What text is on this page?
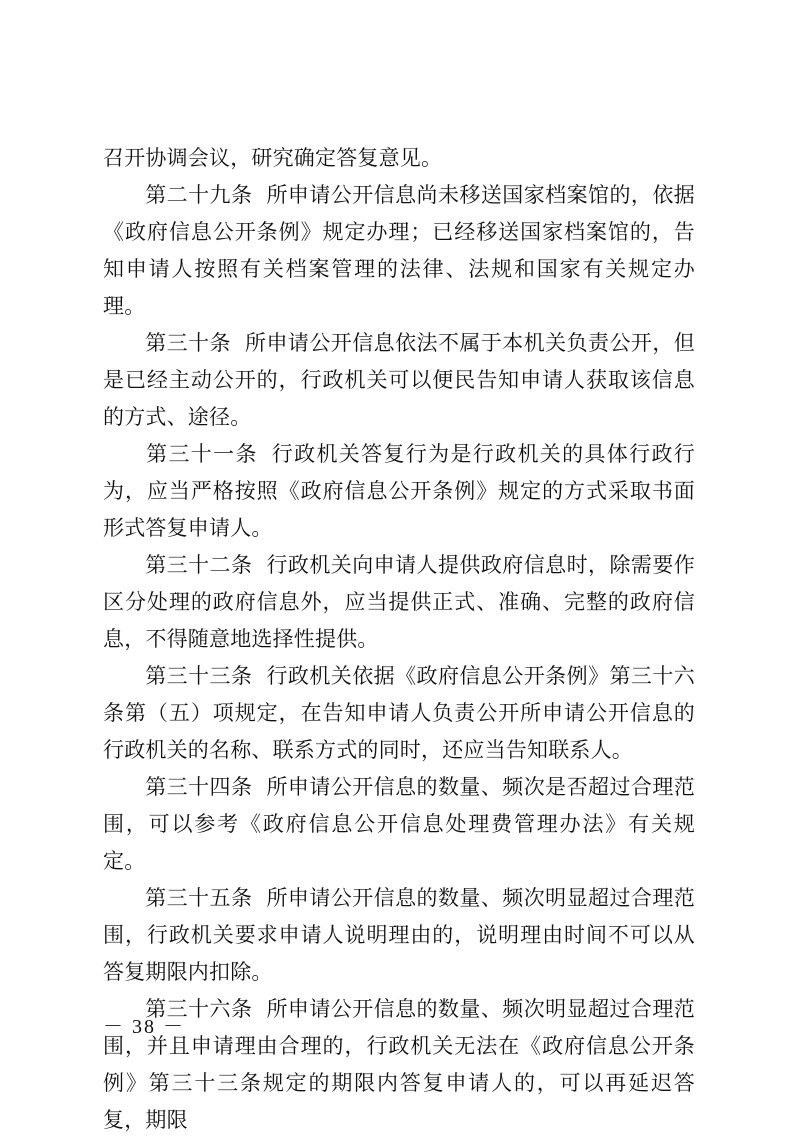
召开协调会议，研究确定答复意见。

第二十九条 所申请公开信息尚未移送国家档案馆的，依据《政府信息公开条例》规定办理；已经移送国家档案馆的，告知申请人按照有关档案管理的法律、法规和国家有关规定办理。

第三十条 所申请公开信息依法不属于本机关负责公开，但是已经主动公开的，行政机关可以便民告知申请人获取该信息的方式、途径。

第三十一条 行政机关答复行为是行政机关的具体行政行为，应当严格按照《政府信息公开条例》规定的方式采取书面形式答复申请人。

第三十二条 行政机关向申请人提供政府信息时，除需要作区分处理的政府信息外，应当提供正式、准确、完整的政府信息，不得随意地选择性提供。

第三十三条 行政机关依据《政府信息公开条例》第三十六条第（五）项规定，在告知申请人负责公开所申请公开信息的行政机关的名称、联系方式的同时，还应当告知联系人。

第三十四条 所申请公开信息的数量、频次是否超过合理范围，可以参考《政府信息公开信息处理费管理办法》有关规定。

第三十五条 所申请公开信息的数量、频次明显超过合理范围，行政机关要求申请人说明理由的，说明理由时间不可以从答复期限内扣除。

第三十六条 所申请公开信息的数量、频次明显超过合理范围，并且申请理由合理的，行政机关无法在《政府信息公开条例》第三十三条规定的期限内答复申请人的，可以再延迟答复，期限

－ 38 －
